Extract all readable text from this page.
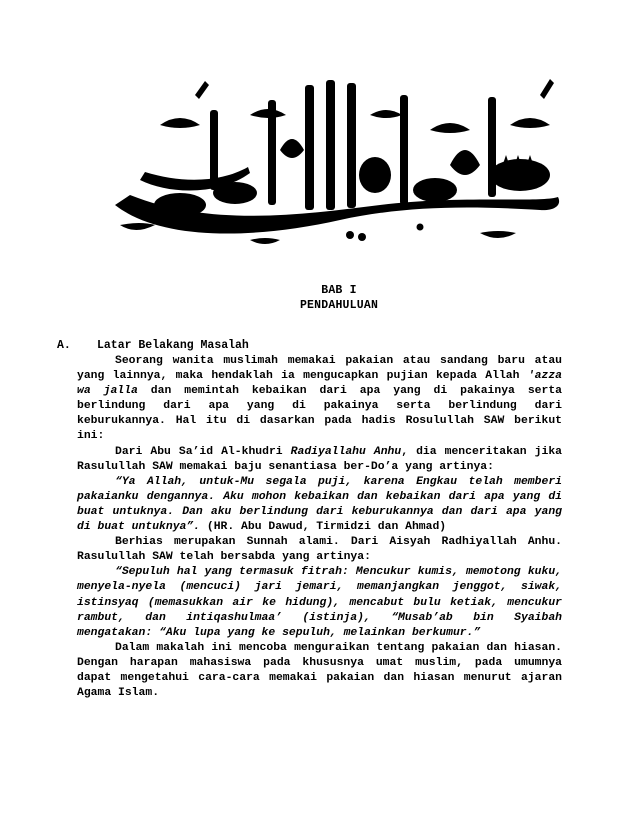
BAB I
PENDAHULUAN
A. Latar Belakang Masalah

Seorang wanita muslimah memakai pakaian atau sandang baru atau yang lainnya, maka hendaklah ia mengucapkan pujian kepada Allah 'azza wa jalla dan memintah kebaikan dari apa yang di pakainya serta berlindung dari apa yang di pakainya serta berlindung dari keburukannya. Hal itu di dasarkan pada hadis Rosulullah SAW berikut ini:

Dari Abu Sa’id Al-khudri Radiyallahu Anhu, dia menceritakan jika Rasulullah SAW memakai baju senantiasa ber-Do’a yang artinya:

“Ya Allah, untuk-Mu segala puji, karena Engkau telah memberi pakaianku dengannya. Aku mohon kebaikan dan kebaikan dari apa yang di buat untuknya. Dan aku berlindung dari keburukannya dan dari apa yang di buat untuknya”. (HR. Abu Dawud, Tirmidzi dan Ahmad)

Berhias merupakan Sunnah alami. Dari Aisyah Radhiyallah Anhu. Rasulullah SAW telah bersabda yang artinya:

“Sepuluh hal yang termasuk fitrah: Mencukur kumis, memotong kuku, menyela-nyela (mencuci) jari jemari, memanjangkan jenggot, siwak, istinsyaq (memasukkan air ke hidung), mencabut bulu ketiak, mencukur rambut, dan intiqashulmaa’ (istinja), “Musab’ab bin Syaibah mengatakan: “Aku lupa yang ke sepuluh, melainkan berkumur.”

Dalam makalah ini mencoba menguraikan tentang pakaian dan hiasan. Dengan harapan mahasiswa pada khususnya umat muslim, pada umumnya dapat mengetahui cara-cara memakai pakaian dan hiasan menurut ajaran Agama Islam.
